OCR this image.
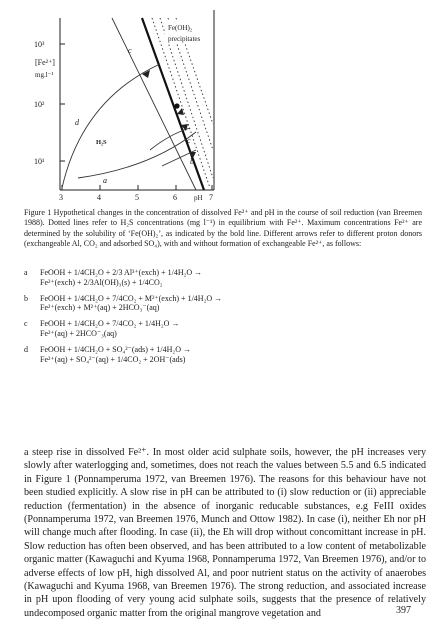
10³
10²
10¹
[Fe²⁺]
mg.l⁻¹
3	4	5	6	7
pH
c
d
c
b
a
H₂S
Fe(OH)₂
precipitates
Figure 1 Hypothetical changes in the concentration of dissolved Fe²⁺ and pH in the course of soil reduction (van Breemen 1988). Dotted lines refer to H₂S concentrations (mg l⁻¹) in equilibrium with Fe²⁺. Maximum concentrations Fe²⁺ are determined by the solubility of ‘Fe(OH)₂’, as indicated by the bold line. Different arrows refer to different proton donors (exchangeable Al, CO₂ and adsorbed SO₄), with and without formation of exchangeable Fe²⁺, as follows:
a FeOOH + 1/4CH₂O + 2/3 Al³⁺(exch) + 1/4H₂O →
Fe²⁺(exch) + 2/3Al(OH)₃(s) + 1/4CO₂
b FeOOH + 1/4CH₂O + 7/4CO₂ + M²⁺(exch) + 1/4H₂O →
Fe²⁺(exch) + M²⁺(aq) + 2HCO₃⁻(aq)
c FeOOH + 1/4CH₂O + 7/4CO₂ + 1/4H₂O →
Fe²⁺(aq) + 2HCO⁻₃(aq)
d FeOOH + 1/4CH₂O + SO₄²⁻(ads) + 1/4H₂O →
Fe²⁺(aq) + SO₄²⁻(aq) + 1/4CO₂ + 2OH⁻(ads)
a steep rise in dissolved Fe²⁺. In most older acid sulphate soils, however, the pH increases very slowly after waterlogging and, sometimes, does not reach the values between 5.5 and 6.5 indicated in Figure 1 (Ponnamperuma 1972, van Breemen 1976). The reasons for this behaviour have not been studied explicitly. A slow rise in pH can be attributed to (i) slow reduction or (ii) appreciable reduction (fermentation) in the absence of inorganic reducable substances, e.g FeIII oxides (Ponnamperuma 1972, van Breemen 1976, Munch and Ottow 1982). In case (i), neither Eh nor pH will change much after flooding. In case (ii), the Eh will drop without concomittant increase in pH. Slow reduction has often been observed, and has been attributed to a low content of metabolizable organic matter (Kawaguchi and Kyuma 1968, Ponnamperuma 1972, Van Breemen 1976), and/or to adverse effects of low pH, high dissolved Al, and poor nutrient status on the activity of anaerobes (Kawaguchi and Kyuma 1968, van Breemen 1976). The strong reduction, and associated increase in pH upon flooding of very young acid sulphate soils, suggests that the presence of relatively undecomposed organic matter from the original mangrove vegetation and	397
